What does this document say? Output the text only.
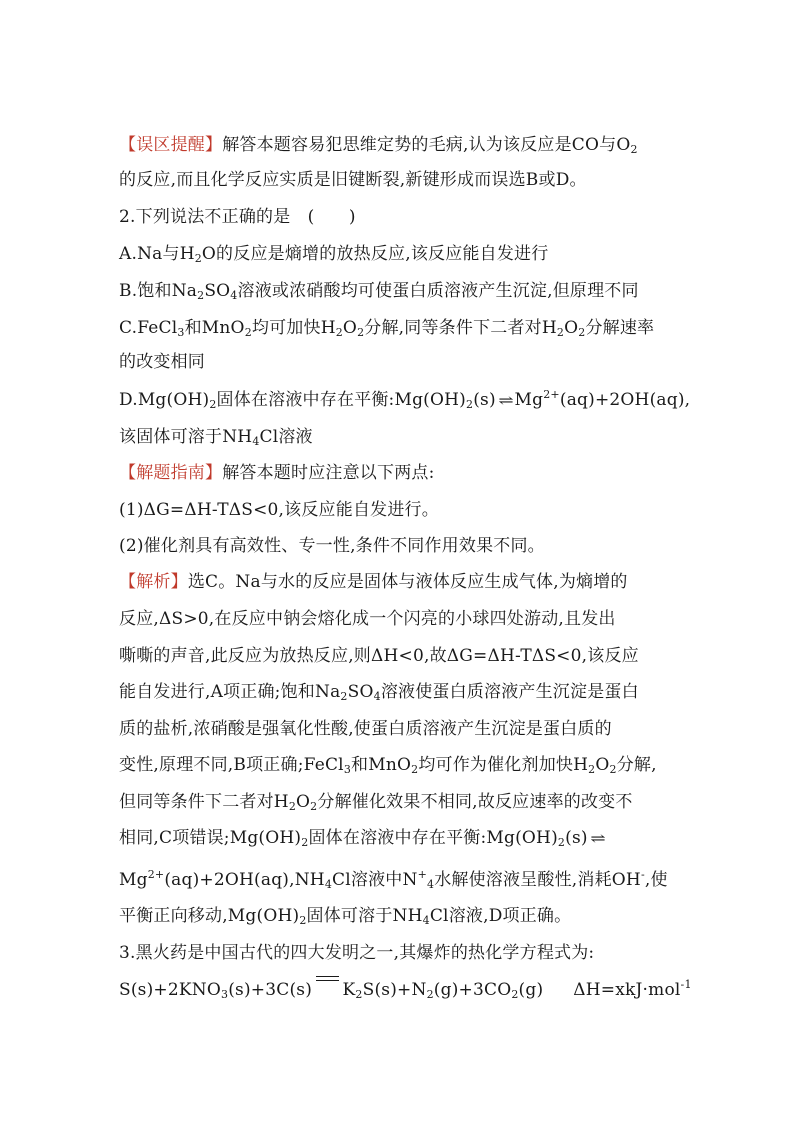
【误区提醒】解答本题容易犯思维定势的毛病,认为该反应是CO与$O_2$
的反应,而且化学反应实质是旧键断裂,新键形成而误选B或D。
2.下列说法不正确的是　(　　)
A.Na与$H_2O$的反应是熵增的放热反应,该反应能自发进行
B.饱和$Na_2SO_4$溶液或浓硝酸均可使蛋白质溶液产生沉淀,但原理不同
C.FeCl$_3$和MnO$_2$均可加快$H_2O_2$分解,同等条件下二者对$H_2O_2$分解速率
的改变相同
$D.Mg(OH)_2$固体在溶液中存在平衡$:Mg(OH)_2(s)$ ⇌ $Mg^{2+}(aq)+2OH(aq)$,
该固体可溶于$NH_4Cl$溶液
【解题指南】解答本题时应注意以下两点:
(1)ΔG=ΔH-TΔS<0,该反应能自发进行。
(2)催化剂具有高效性、专一性,条件不同作用效果不同。
【解析】选C。Na与水的反应是固体与液体反应生成气体,为熵增的
反应,ΔS>0,在反应中钠会熔化成一个闪亮的小球四处游动,且发出
嘶嘶的声音,此反应为放热反应,则ΔH<0,故ΔG=ΔH-TΔS<0,该反应
能自发进行,A项正确;饱和$Na_2SO_4$溶液使蛋白质溶液产生沉淀是蛋白
质的盐析,浓硝酸是强氧化性酸,使蛋白质溶液产生沉淀是蛋白质的
变性,原理不同,B项正确;FeCl$_3$和MnO$_2$均可作为催化剂加快$H_2O_2$分解,
但同等条件下二者对$H_2O_2$分解催化效果不相同,故反应速率的改变不
相同,C项错误$;Mg(OH)_2$固体在溶液中存在平衡$:Mg(OH)_2(s)$ ⇌
$Mg^{2+}(aq)+2OH(aq),NH_4Cl$溶液中$N^+_4$水解使溶液呈酸性,消耗OH-,使
平衡正向移动$,Mg(OH)_2$固体可溶于$NH_4Cl$溶液,D项正确。
3.黑火药是中国古代的四大发明之一,其爆炸的热化学方程式为:
$S(s)+2KNO_3(s)+3C(s)$ $K_2S(s)+N_2(g)+3CO_2(g)$ ΔH=xkJ·mol$^{-1}$
